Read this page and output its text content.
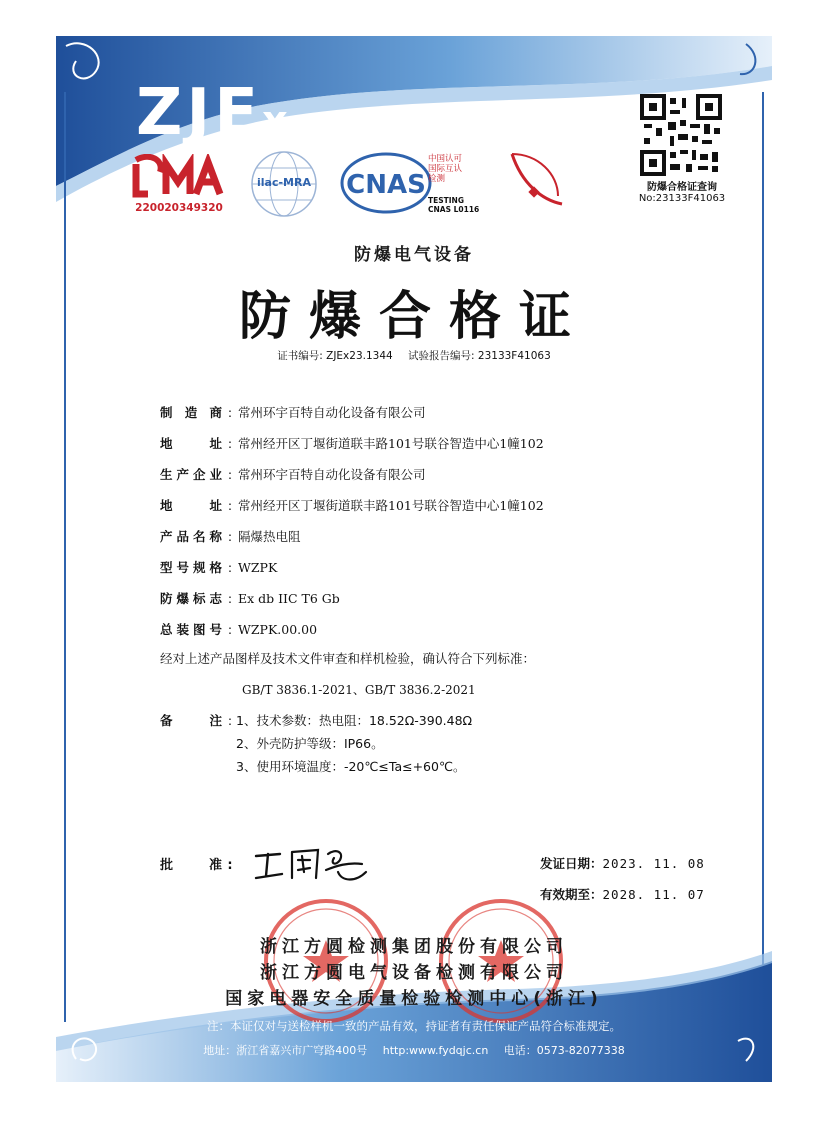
ZJEx
220020349320
ilac-MRA	CNAS
中国认可
国际互认
检测
TESTING
CNAS L0116
防爆合格证查询
No:23133F41063
防爆电气设备
防爆合格证
证书编号: ZJEx23.1344 试验报告编号: 23133F41063
制造商 : 常州环宇百特自动化设备有限公司
地址 : 常州经开区丁堰街道联丰路101号联谷智造中心1幢102
生产企业 : 常州环宇百特自动化设备有限公司
地址 : 常州经开区丁堰街道联丰路101号联谷智造中心1幢102
产品名称 : 隔爆热电阻
型号规格 : WZPK
防爆标志 : Ex db IIC T6 Gb
总装图号 : WZPK.00.00
经对上述产品图样及技术文件审查和样机检验，确认符合下列标准：
GB/T 3836.1-2021、GB/T 3836.2-2021
备注 : 1、技术参数：热电阻：18.52Ω-390.48Ω
2、外壳防护等级：IP66。
3、使用环境温度：-20℃≤Ta≤+60℃。
批准 :	发证日期：2023. 11. 08
有效期至：2028. 11. 07
浙江方圆检测集团股份有限公司
浙江方圆电气设备检测有限公司
国家电器安全质量检验检测中心(浙江)
注：本证仅对与送检样机一致的产品有效，持证者有责任保证产品符合标准规定。
地址：浙江省嘉兴市广穹路400号 http:www.fydqjc.cn 电话：0573-82077338
